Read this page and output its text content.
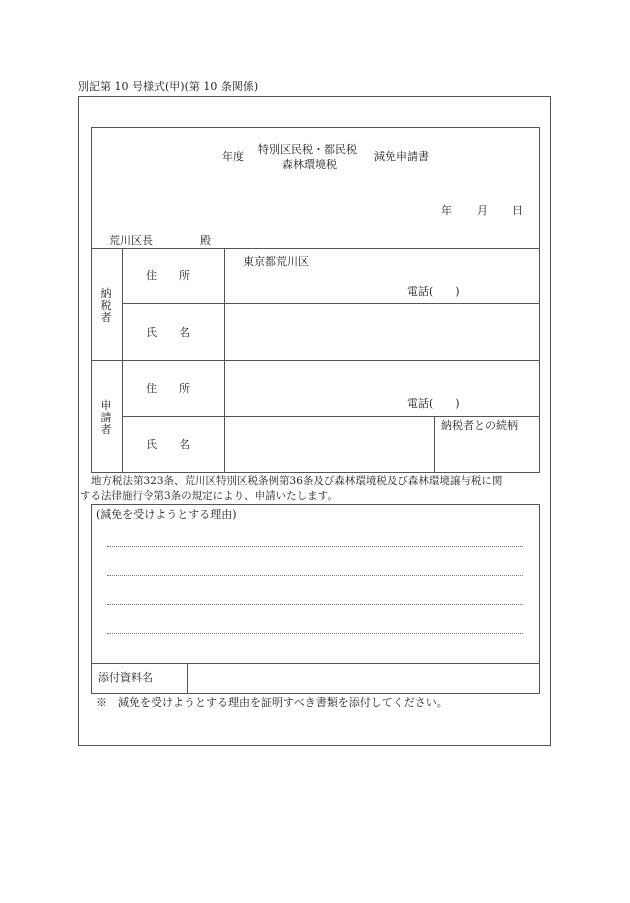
別記第 10 号様式(甲)(第 10 条関係)
年度
特別区民税・都民税
森林環境税
減免申請書
年 月 日
荒川区長	殿
納
税
者
住　　所
東京都荒川区
電話(　　)
氏　　名
申
請
者
住　　所
電話(　　)
氏　　名
納税者との続柄
地方税法第323条、荒川区特別区税条例第36条及び森林環境税及び森林環境譲与税に関
する法律施行令第3条の規定により、申請いたします。
(減免を受けようとする理由)
添付資料名
※　減免を受けようとする理由を証明すべき書類を添付してください。
